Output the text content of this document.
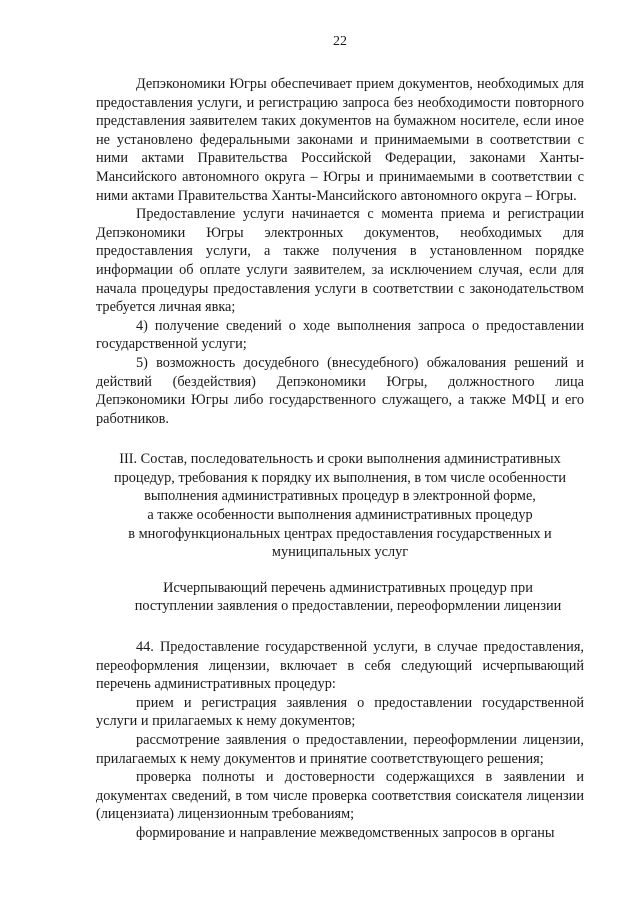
22

Депэкономики Югры обеспечивает прием документов, необходимых для предоставления услуги, и регистрацию запроса без необходимости повторного представления заявителем таких документов на бумажном носителе, если иное не установлено федеральными законами и принимаемыми в соответствии с ними актами Правительства Российской Федерации, законами Ханты-Мансийского автономного округа – Югры и принимаемыми в соответствии с ними актами Правительства Ханты-Мансийского автономного округа – Югры.

Предоставление услуги начинается с момента приема и регистрации Депэкономики Югры электронных документов, необходимых для предоставления услуги, а также получения в установленном порядке информации об оплате услуги заявителем, за исключением случая, если для начала процедуры предоставления услуги в соответствии с законодательством требуется личная явка;

4) получение сведений о ходе выполнения запроса о предоставлении государственной услуги;

5) возможность досудебного (внесудебного) обжалования решений и действий (бездействия) Депэкономики Югры, должностного лица Депэкономики Югры либо государственного служащего, а также МФЦ и его работников.

III. Состав, последовательность и сроки выполнения административных

процедур, требования к порядку их выполнения, в том числе особенности

выполнения административных процедур в электронной форме,

а также особенности выполнения административных процедур

в многофункциональных центрах предоставления государственных и

муниципальных услуг

Исчерпывающий перечень административных процедур при

поступлении заявления о предоставлении, переоформлении лицензии

44. Предоставление государственной услуги, в случае предоставления, переоформления лицензии, включает в себя следующий исчерпывающий перечень административных процедур:

прием и регистрация заявления о предоставлении государственной услуги и прилагаемых к нему документов;

рассмотрение заявления о предоставлении, переоформлении лицензии, прилагаемых к нему документов и принятие соответствующего решения;

проверка полноты и достоверности содержащихся в заявлении и документах сведений, в том числе проверка соответствия соискателя лицензии (лицензиата) лицензионным требованиям;

формирование и направление межведомственных запросов в органы
